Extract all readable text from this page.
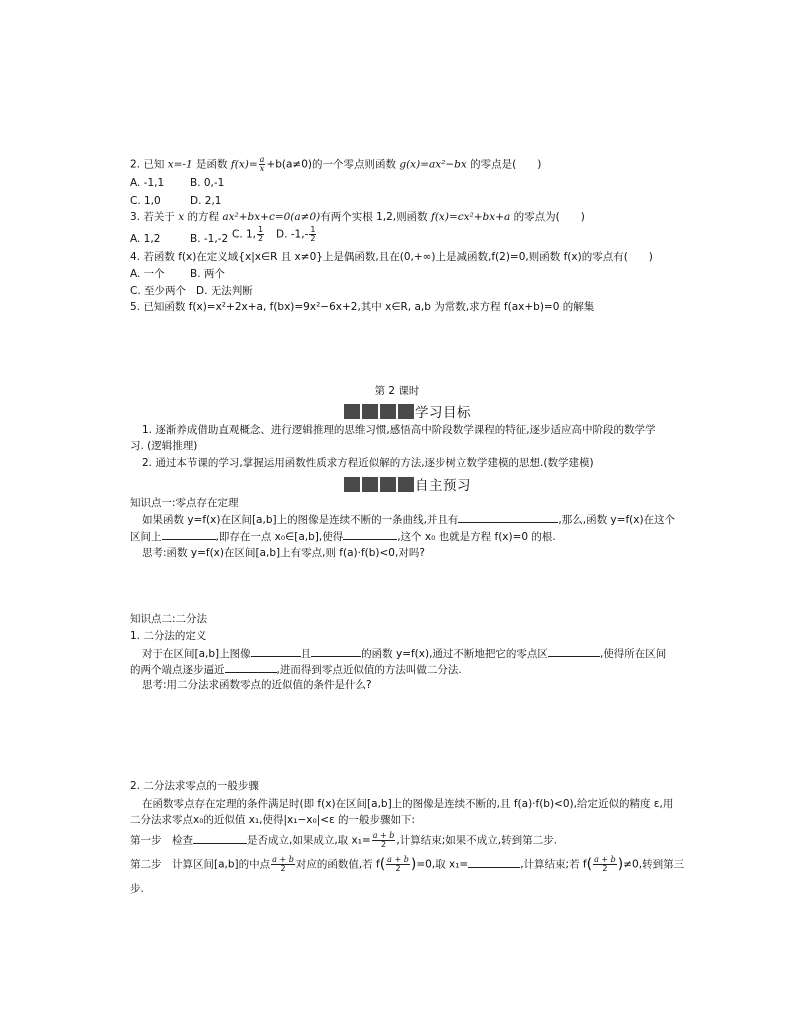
2. 已知 x=-1 是函数 $f(x)= \frac{a}{x} +b(a\ne 0)$的一个零点则函数 g(x)=ax²−bx 的零点是(　　)
A. -1,1 B. 0,-1
C. 1,0	D. 2,1
3. 若关于 x 的方程 ax²+bx+c=0(a≠0)有两个实根 1,2,则函数 f(x)=cx²+bx+a 的零点为(　　)
A. 1,2	B. -1,-2 C. 1, $\frac{1}{2} D$. $-1,- \frac{1}{2}$
4. 若函数 f(x)在定义域{x|x∈R 且 x≠0}上是偶函数,且在(0,+∞)上是减函数,f(2)=0,则函数 f(x)的零点有(　　)
A. 一个 B. 两个
C. 至少两个 D. 无法判断
5. 已知函数 f(x)=x²+2x+a, f(bx)=9x²−6x+2,其中 x∈R, a,b 为常数,求方程 f(ax+b)=0 的解集
第 2 课时
学习目标
1. 逐渐养成借助直观概念、进行逻辑推理的思维习惯,感悟高中阶段数学课程的特征,逐步适应高中阶段的数学学
习. (逻辑推理)
2. 通过本节课的学习,掌握运用函数性质求方程近似解的方法,逐步树立数学建模的思想.(数学建模)
自主预习
知识点一:零点存在定理
如果函数 y=f(x)在区间[a,b]上的图像是连续不断的一条曲线,并且有	,那么,函数 y=f(x)在这个
区间上	,即存在一点 x₀∈[a,b],使得	,这个 x₀ 也就是方程 f(x)=0 的根.
思考:函数 y=f(x)在区间[a,b]上有零点,则 f(a)·f(b)<0,对吗?
知识点二:二分法
1. 二分法的定义
对于在区间[a,b]上图像	且	的函数 y=f(x),通过不断地把它的零点区	,使得所在区间
的两个端点逐步逼近	,进而得到零点近似值的方法叫做二分法.
思考:用二分法求函数零点的近似值的条件是什么?
2. 二分法求零点的一般步骤
在函数零点存在定理的条件满足时(即 f(x)在区间[a,b]上的图像是连续不断的,且 f(a)·f(b)<0),给定近似的精度 ε,用
二分法求零点x₀的近似值 x₁,使得|x₁−x₀|<ε 的一般步骤如下:
第一步　检查	是否成立,如果成立,取 $x_1= \frac{a + b}{2}$ ,计算结束;如果不成立,转到第二步.
第二步　计算区间[a,b]的中点 $\frac{a + b}{2}$ 对应的函数值,若 $f( \frac{a + b}{2} )=0$,取 x₁=	,计算结束;若 $f( \frac{a + b}{2} )\ne 0$,转到第三
步.
